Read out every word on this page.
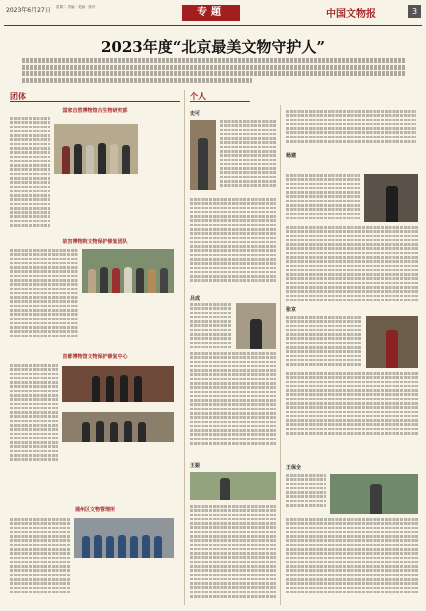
2023年6月27日 星期二 责编 · 美编 · 校对	专题	中国文物报	3
2023年度“北京最美文物守护人”
团体
国家自然博物馆古生物研究部
故宫博物院文物保护修复团队
首都博物馆文物保护修复中心
通州区文物管理所
个人
史可
吕成
王振
杨建
张京
王保全
